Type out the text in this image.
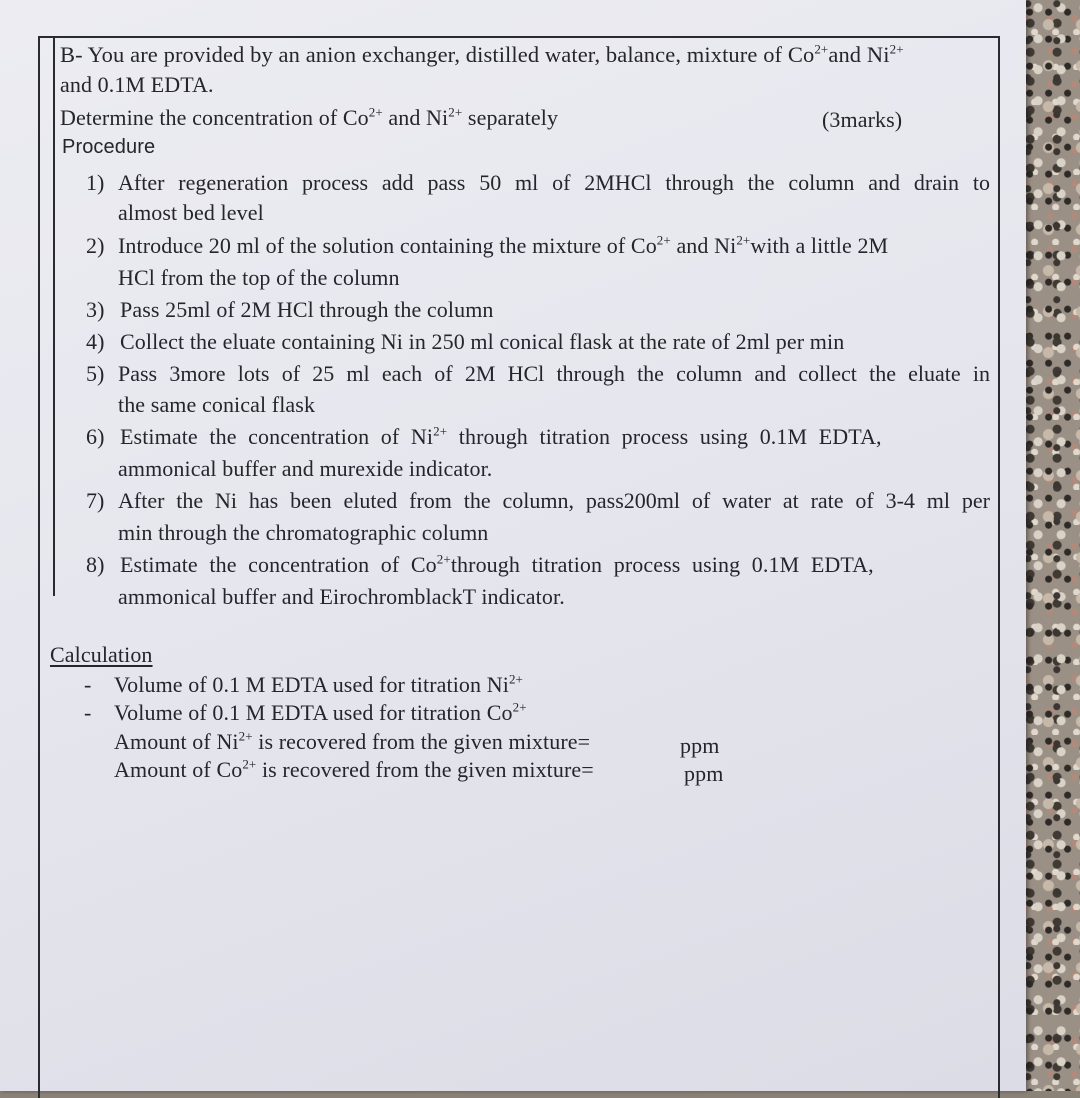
B- You are provided by an anion exchanger, distilled water, balance, mixture of $Co^{2+}and$ $Ni^{2+}$
and 0.1M EDTA.
Determine the concentration of $Co^{2+}$ and $Ni^{2+}$ separately	(3marks)
Procedure
1) After regeneration process add pass 50 ml of 2MHCl through the column and drain to
almost bed level
2) Introduce 20 ml of the solution containing the mixture of $Co^{2+}$ and $Ni^{2+}with$ a little 2M
HCl from the top of the column
3) Pass 25ml of 2M HCl through the column
4) Collect the eluate containing Ni in 250 ml conical flask at the rate of 2ml per min
5) Pass 3more lots of 25 ml each of 2M HCl through the column and collect the eluate in
the same conical flask
6) Estimate the concentration of $Ni^{2+}$ through titration process using 0.1M EDTA,
ammonical buffer and murexide indicator.
7) After the Ni has been eluted from the column, pass200ml of water at rate of 3-4 ml per
min through the chromatographic column
8) Estimate the concentration of $Co^{2+}through$ titration process using 0.1M EDTA,
ammonical buffer and EirochromblackT indicator.
Calculation
- Volume of 0.1 M EDTA used for titration $Ni^{2+}$
- Volume of 0.1 M EDTA used for titration $Co^{2+}$
Amount of $Ni^{2+}$ is recovered from the given mixture=	ppm
Amount of $Co^{2+}$ is recovered from the given mixture=	ppm
